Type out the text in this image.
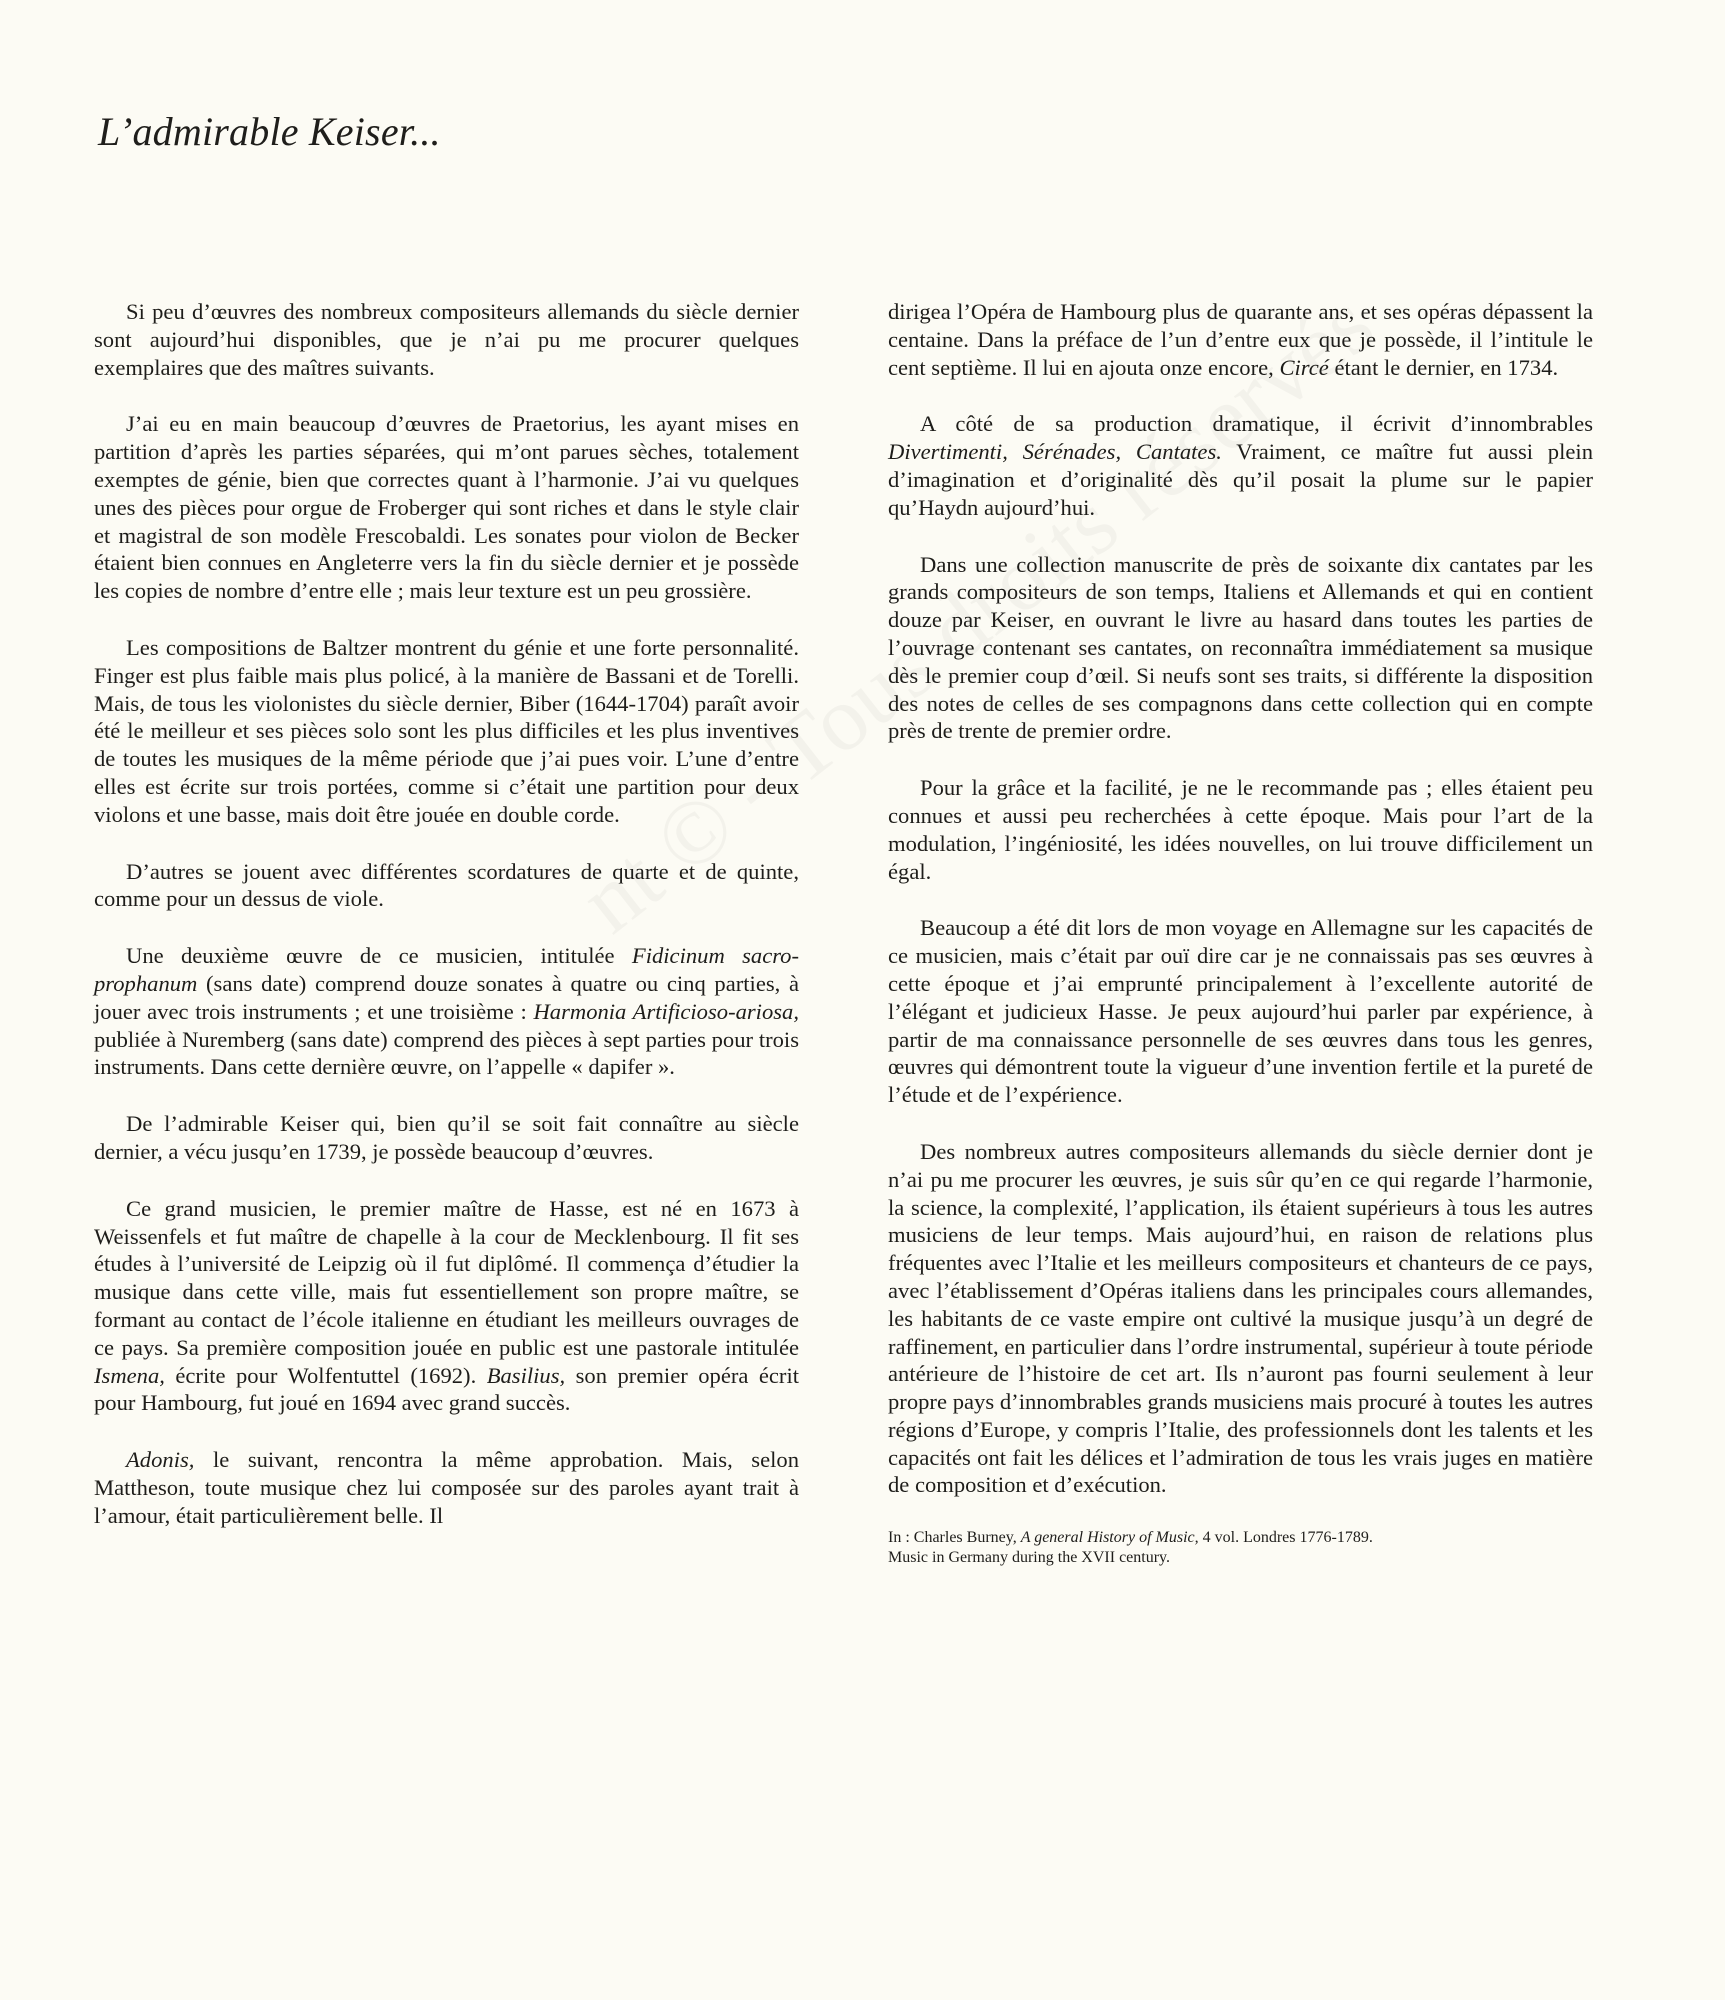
L’admirable Keiser...

Si peu d’œuvres des nombreux compositeurs allemands du siècle dernier sont aujourd’hui disponibles, que je n’ai pu me procurer quelques exemplaires que des maîtres suivants.

J’ai eu en main beaucoup d’œuvres de Praetorius, les ayant mises en partition d’après les parties séparées, qui m’ont parues sèches, totalement exemptes de génie, bien que correctes quant à l’harmonie. J’ai vu quelques unes des pièces pour orgue de Froberger qui sont riches et dans le style clair et magistral de son modèle Frescobaldi. Les sonates pour violon de Becker étaient bien connues en Angleterre vers la fin du siècle dernier et je possède les copies de nombre d’entre elle ; mais leur texture est un peu grossière.

Les compositions de Baltzer montrent du génie et une forte personnalité. Finger est plus faible mais plus policé, à la manière de Bassani et de Torelli. Mais, de tous les violonistes du siècle dernier, Biber (1644-1704) paraît avoir été le meilleur et ses pièces solo sont les plus difficiles et les plus inventives de toutes les musiques de la même période que j’ai pues voir. L’une d’entre elles est écrite sur trois portées, comme si c’était une partition pour deux violons et une basse, mais doit être jouée en double corde.

D’autres se jouent avec différentes scordatures de quarte et de quinte, comme pour un dessus de viole.

Une deuxième œuvre de ce musicien, intitulée Fidicinum sacro-prophanum (sans date) comprend douze sonates à quatre ou cinq parties, à jouer avec trois instruments ; et une troisième : Harmonia Artificioso-ariosa, publiée à Nuremberg (sans date) comprend des pièces à sept parties pour trois instruments. Dans cette dernière œuvre, on l’appelle « dapifer ».

De l’admirable Keiser qui, bien qu’il se soit fait connaître au siècle dernier, a vécu jusqu’en 1739, je possède beaucoup d’œuvres.

Ce grand musicien, le premier maître de Hasse, est né en 1673 à Weissenfels et fut maître de chapelle à la cour de Mecklenbourg. Il fit ses études à l’université de Leipzig où il fut diplômé. Il commença d’étudier la musique dans cette ville, mais fut essentiellement son propre maître, se formant au contact de l’école italienne en étudiant les meilleurs ouvrages de ce pays. Sa première composition jouée en public est une pastorale intitulée Ismena, écrite pour Wolfentuttel (1692). Basilius, son premier opéra écrit pour Hambourg, fut joué en 1694 avec grand succès.

Adonis, le suivant, rencontra la même approbation. Mais, selon Mattheson, toute musique chez lui composée sur des paroles ayant trait à l’amour, était particulièrement belle. Il

dirigea l’Opéra de Hambourg plus de quarante ans, et ses opéras dépassent la centaine. Dans la préface de l’un d’entre eux que je possède, il l’intitule le cent septième. Il lui en ajouta onze encore, Circé étant le dernier, en 1734.

A côté de sa production dramatique, il écrivit d’innombrables Divertimenti, Sérénades, Cantates. Vraiment, ce maître fut aussi plein d’imagination et d’originalité dès qu’il posait la plume sur le papier qu’Haydn aujourd’hui.

Dans une collection manuscrite de près de soixante dix cantates par les grands compositeurs de son temps, Italiens et Allemands et qui en contient douze par Keiser, en ouvrant le livre au hasard dans toutes les parties de l’ouvrage contenant ses cantates, on reconnaîtra immédiatement sa musique dès le premier coup d’œil. Si neufs sont ses traits, si différente la disposition des notes de celles de ses compagnons dans cette collection qui en compte près de trente de premier ordre.

Pour la grâce et la facilité, je ne le recommande pas ; elles étaient peu connues et aussi peu recherchées à cette époque. Mais pour l’art de la modulation, l’ingéniosité, les idées nouvelles, on lui trouve difficilement un égal.

Beaucoup a été dit lors de mon voyage en Allemagne sur les capacités de ce musicien, mais c’était par ouï dire car je ne connaissais pas ses œuvres à cette époque et j’ai emprunté principalement à l’excellente autorité de l’élégant et judicieux Hasse. Je peux aujourd’hui parler par expérience, à partir de ma connaissance personnelle de ses œuvres dans tous les genres, œuvres qui démontrent toute la vigueur d’une invention fertile et la pureté de l’étude et de l’expérience.

Des nombreux autres compositeurs allemands du siècle dernier dont je n’ai pu me procurer les œuvres, je suis sûr qu’en ce qui regarde l’harmonie, la science, la complexité, l’application, ils étaient supérieurs à tous les autres musiciens de leur temps. Mais aujourd’hui, en raison de relations plus fréquentes avec l’Italie et les meilleurs compositeurs et chanteurs de ce pays, avec l’établissement d’Opéras italiens dans les principales cours allemandes, les habitants de ce vaste empire ont cultivé la musique jusqu’à un degré de raffinement, en particulier dans l’ordre instrumental, supérieur à toute période antérieure de l’histoire de cet art. Ils n’auront pas fourni seulement à leur propre pays d’innombrables grands musiciens mais procuré à toutes les autres régions d’Europe, y compris l’Italie, des professionnels dont les talents et les capacités ont fait les délices et l’admiration de tous les vrais juges en matière de composition et d’exécution.

In : Charles Burney, A general History of Music, 4 vol. Londres 1776-1789.
Music in Germany during the XVII century.
